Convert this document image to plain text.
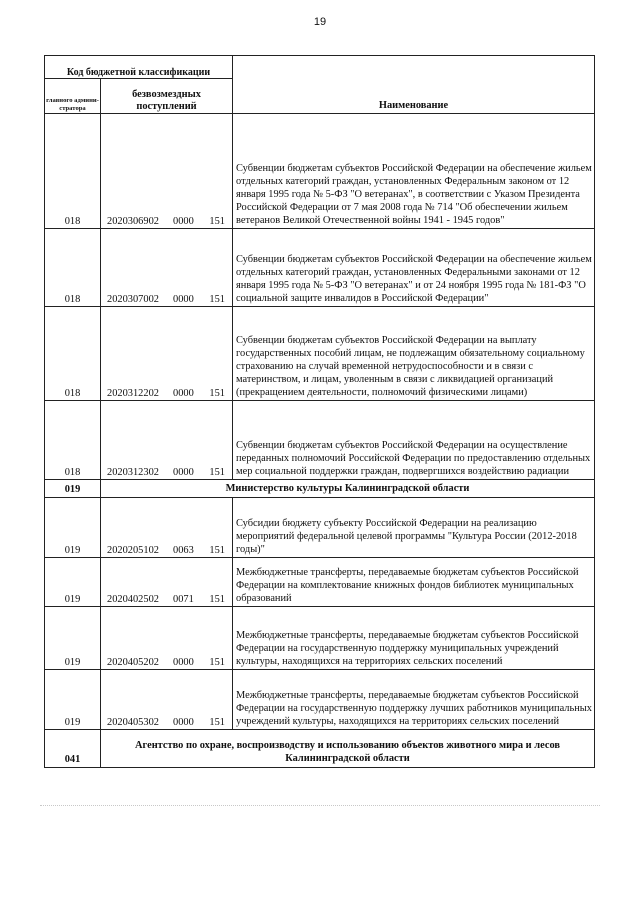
19
Код бюджетной классификации		Наименование
главного админи-стратора	безвозмездных поступлений	
018	2020306902 0000 151	Субвенции бюджетам субъектов Российской Федерации на обеспечение жильем отдельных категорий граждан, установленных Федеральным законом от 12 января 1995 года № 5-ФЗ "О ветеранах", в соответствии с Указом Президента Российской Федерации от 7 мая 2008 года № 714 "Об обеспечении жильем ветеранов Великой Отечественной войны 1941 - 1945 годов"
018	2020307002 0000 151	Субвенции бюджетам субъектов Российской Федерации на обеспечение жильем отдельных категорий граждан, установленных Федеральными законами от 12 января 1995 года № 5-ФЗ "О ветеранах" и от 24 ноября 1995 года № 181-ФЗ "О социальной защите инвалидов в Российской Федерации"
018	2020312202 0000 151	Субвенции бюджетам субъектов Российской Федерации на выплату государственных пособий лицам, не подлежащим обязательному социальному страхованию на случай временной нетрудоспособности и в связи с материнством, и лицам, уволенным в связи с ликвидацией организаций (прекращением деятельности, полномочий физическими лицами)
018	2020312302 0000 151	Субвенции бюджетам субъектов Российской Федерации на осуществление переданных полномочий Российской Федерации по предоставлению отдельных мер социальной поддержки граждан, подвергшихся воздействию радиации
019	Министерство культуры Калининградской области	
019	2020205102 0063 151	Субсидии бюджету субъекту Российской Федерации на реализацию мероприятий федеральной целевой программы "Культура России (2012-2018 годы)"
019	2020402502 0071 151	Межбюджетные трансферты, передаваемые бюджетам субъектов Российской Федерации на комплектование книжных фондов библиотек муниципальных образований
019	2020405202 0000 151	Межбюджетные трансферты, передаваемые бюджетам субъектов Российской Федерации на государственную поддержку муниципальных учреждений культуры, находящихся на территориях сельских поселений
019	2020405302 0000 151	Межбюджетные трансферты, передаваемые бюджетам субъектов Российской Федерации на государственную поддержку лучших работников муниципальных учреждений культуры, находящихся на территориях сельских поселений
041	Агентство по охране, воспроизводству и использованию объектов животного мира и лесов Калининградской области	
